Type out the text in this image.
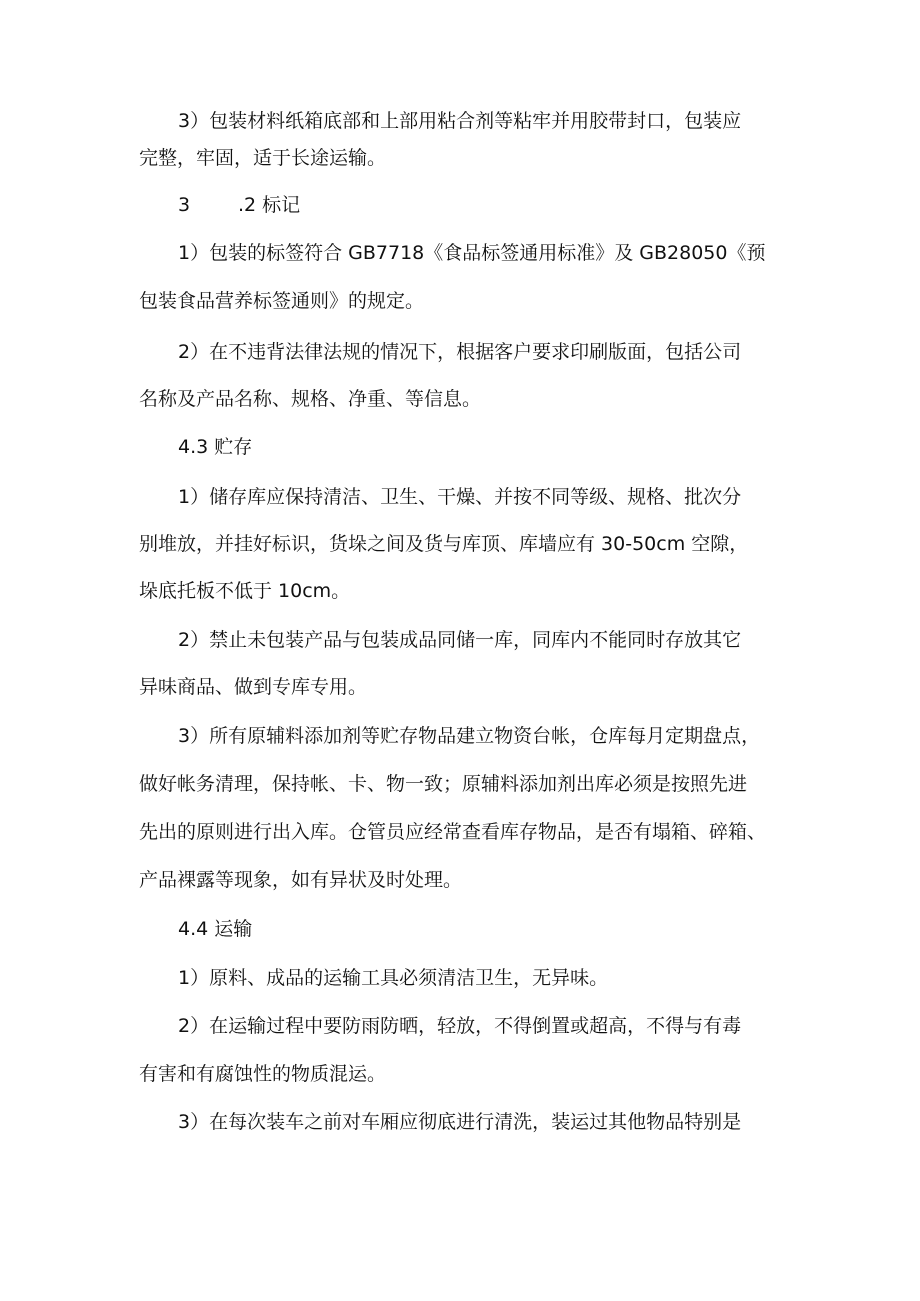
3）包装材料纸箱底部和上部用粘合剂等粘牢并用胶带封口，包装应
完整，牢固，适于长途运输。
3	.2 标记
1）包装的标签符合 GB7718《食品标签通用标准》及 GB28050《预
包装食品营养标签通则》的规定。
2）在不违背法律法规的情况下，根据客户要求印刷版面，包括公司
名称及产品名称、规格、净重、等信息。
4.3 贮存
1）储存库应保持清洁、卫生、干燥、并按不同等级、规格、批次分
别堆放，并挂好标识，货垛之间及货与库顶、库墙应有 30-50cm 空隙，
垛底托板不低于 10cm。
2）禁止未包装产品与包装成品同储一库，同库内不能同时存放其它
异味商品、做到专库专用。
3）所有原辅料添加剂等贮存物品建立物资台帐，仓库每月定期盘点，
做好帐务清理，保持帐、卡、物一致；原辅料添加剂出库必须是按照先进
先出的原则进行出入库。仓管员应经常查看库存物品，是否有塌箱、碎箱、
产品裸露等现象，如有异状及时处理。
4.4 运输
1）原料、成品的运输工具必须清洁卫生，无异味。
2）在运输过程中要防雨防晒，轻放，不得倒置或超高，不得与有毒
有害和有腐蚀性的物质混运。
3）在每次装车之前对车厢应彻底进行清洗，装运过其他物品特别是
